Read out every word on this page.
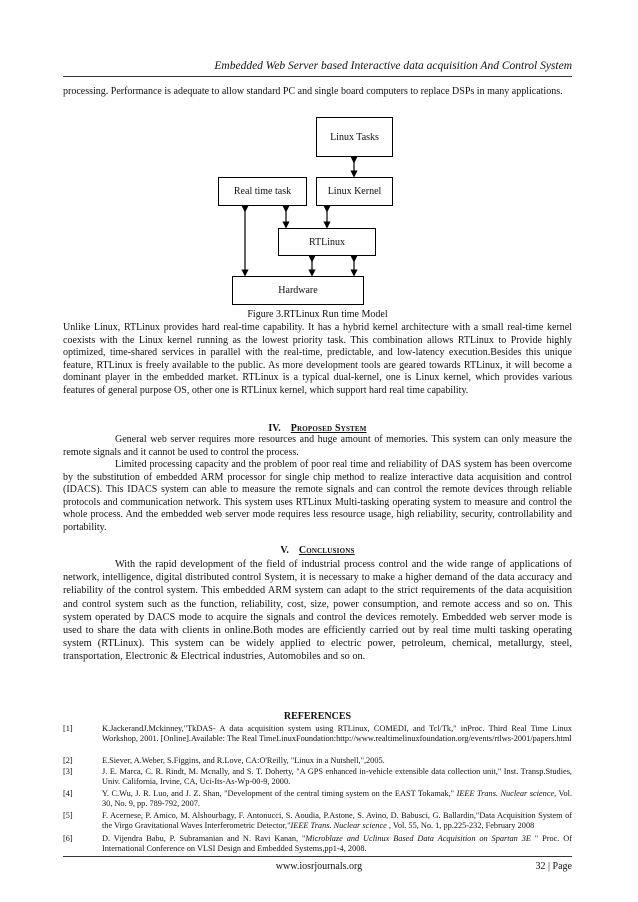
Embedded Web Server based Interactive data acquisition And Control System

processing. Performance is adequate to allow standard PC and single board computers to replace DSPs in many applications.

Linux Tasks
Real time task	Linux Kernel
RTLinux
Hardware
Figure 3.RTLinux Run time Model

Unlike Linux, RTLinux provides hard real-time capability. It has a hybrid kernel architecture with a small real-time kernel coexists with the Linux kernel running as the lowest priority task. This combination allows RTLinux to Provide highly optimized, time-shared services in parallel with the real-time, predictable, and low-latency execution.Besides this unique feature, RTLinux is freely available to the public. As more development tools are geared towards RTLinux, it will become a dominant player in the embedded market. RTLinux is a typical dual-kernel, one is Linux kernel, which provides various features of general purpose OS, other one is RTLinux kernel, which support hard real time capability.

IV. Proposed System

General web server requires more resources and huge amount of memories. This system can only measure the remote signals and it cannot be used to control the process.

Limited processing capacity and the problem of poor real time and reliability of DAS system has been overcome by the substitution of embedded ARM processor for single chip method to realize interactive data acquisition and control (IDACS). This IDACS system can able to measure the remote signals and can control the remote devices through reliable protocols and communication network. This system uses RTLinux Multi-tasking operating system to measure and control the whole process. And the embedded web server mode requires less resource usage, high reliability, security, controllability and portability.

V. Conclusions

With the rapid development of the field of industrial process control and the wide range of applications of network, intelligence, digital distributed control System, it is necessary to make a higher demand of the data accuracy and reliability of the control system. This embedded ARM system can adapt to the strict requirements of the data acquisition and control system such as the function, reliability, cost, size, power consumption, and remote access and so on. This system operated by DACS mode to acquire the signals and control the devices remotely. Embedded web server mode is used to share the data with clients in online.Both modes are efficiently carried out by real time multi tasking operating system (RTLinux). This system can be widely applied to electric power, petroleum, chemical, metallurgy, steel, transportation, Electronic & Electrical industries, Automobiles and so on.

REFERENCES
[1]	K.JackerandJ.Mckinney,"TkDAS- A data acquisition system using RTLinux, COMEDI, and Tcl/Tk," inProc. Third Real Time Linux Workshop, 2001. [Online].Available: The Real TimeLinuxFoundation:http://www.realtimelinuxfoundation.org/events/rtlws-2001/papers.html
[2]	E.Siever, A.Weber, S.Figgins, and R.Love, CA:O'Reilly, "Linux in a Nutshell,",2005.
[3]	J. E. Marca, C. R. Rindt, M. Mcnally, and S. T. Doherty, "A GPS enhanced in-vehicle extensible data collection unit," Inst. Transp.Studies, Univ. California, Irvine, CA, Uci-Its-As-Wp-00-9, 2000.
[4]	Y. C.Wu, J. R. Luo, and J. Z. Shan, "Development of the central timing system on the EAST Tokamak," IEEE Trans. Nuclear science, Vol. 30, No. 9, pp. 789-792, 2007.
[5]	F. Acernese, P. Amico, M. Alshourbagy, F. Antonucci, S. Aoudia, P.Astone, S. Avino, D. Babusci, G. Ballardin,"Data Acquisition System of the Virgo Gravitational Waves Interferometric Detector,"IEEE Trans. Nuclear science , Vol. 55, No. 1, pp.225-232, February 2008
[6]	D. Vijendra Babu, P. Subramanian and N. Ravi Kanan, "Microblaze and Uclinux Based Data Acquisition on Spartan 3E " Proc. Of International Conference on VLSI Design and Embedded Systems,pp1-4, 2008.
www.iosrjournals.org	32 | Page
